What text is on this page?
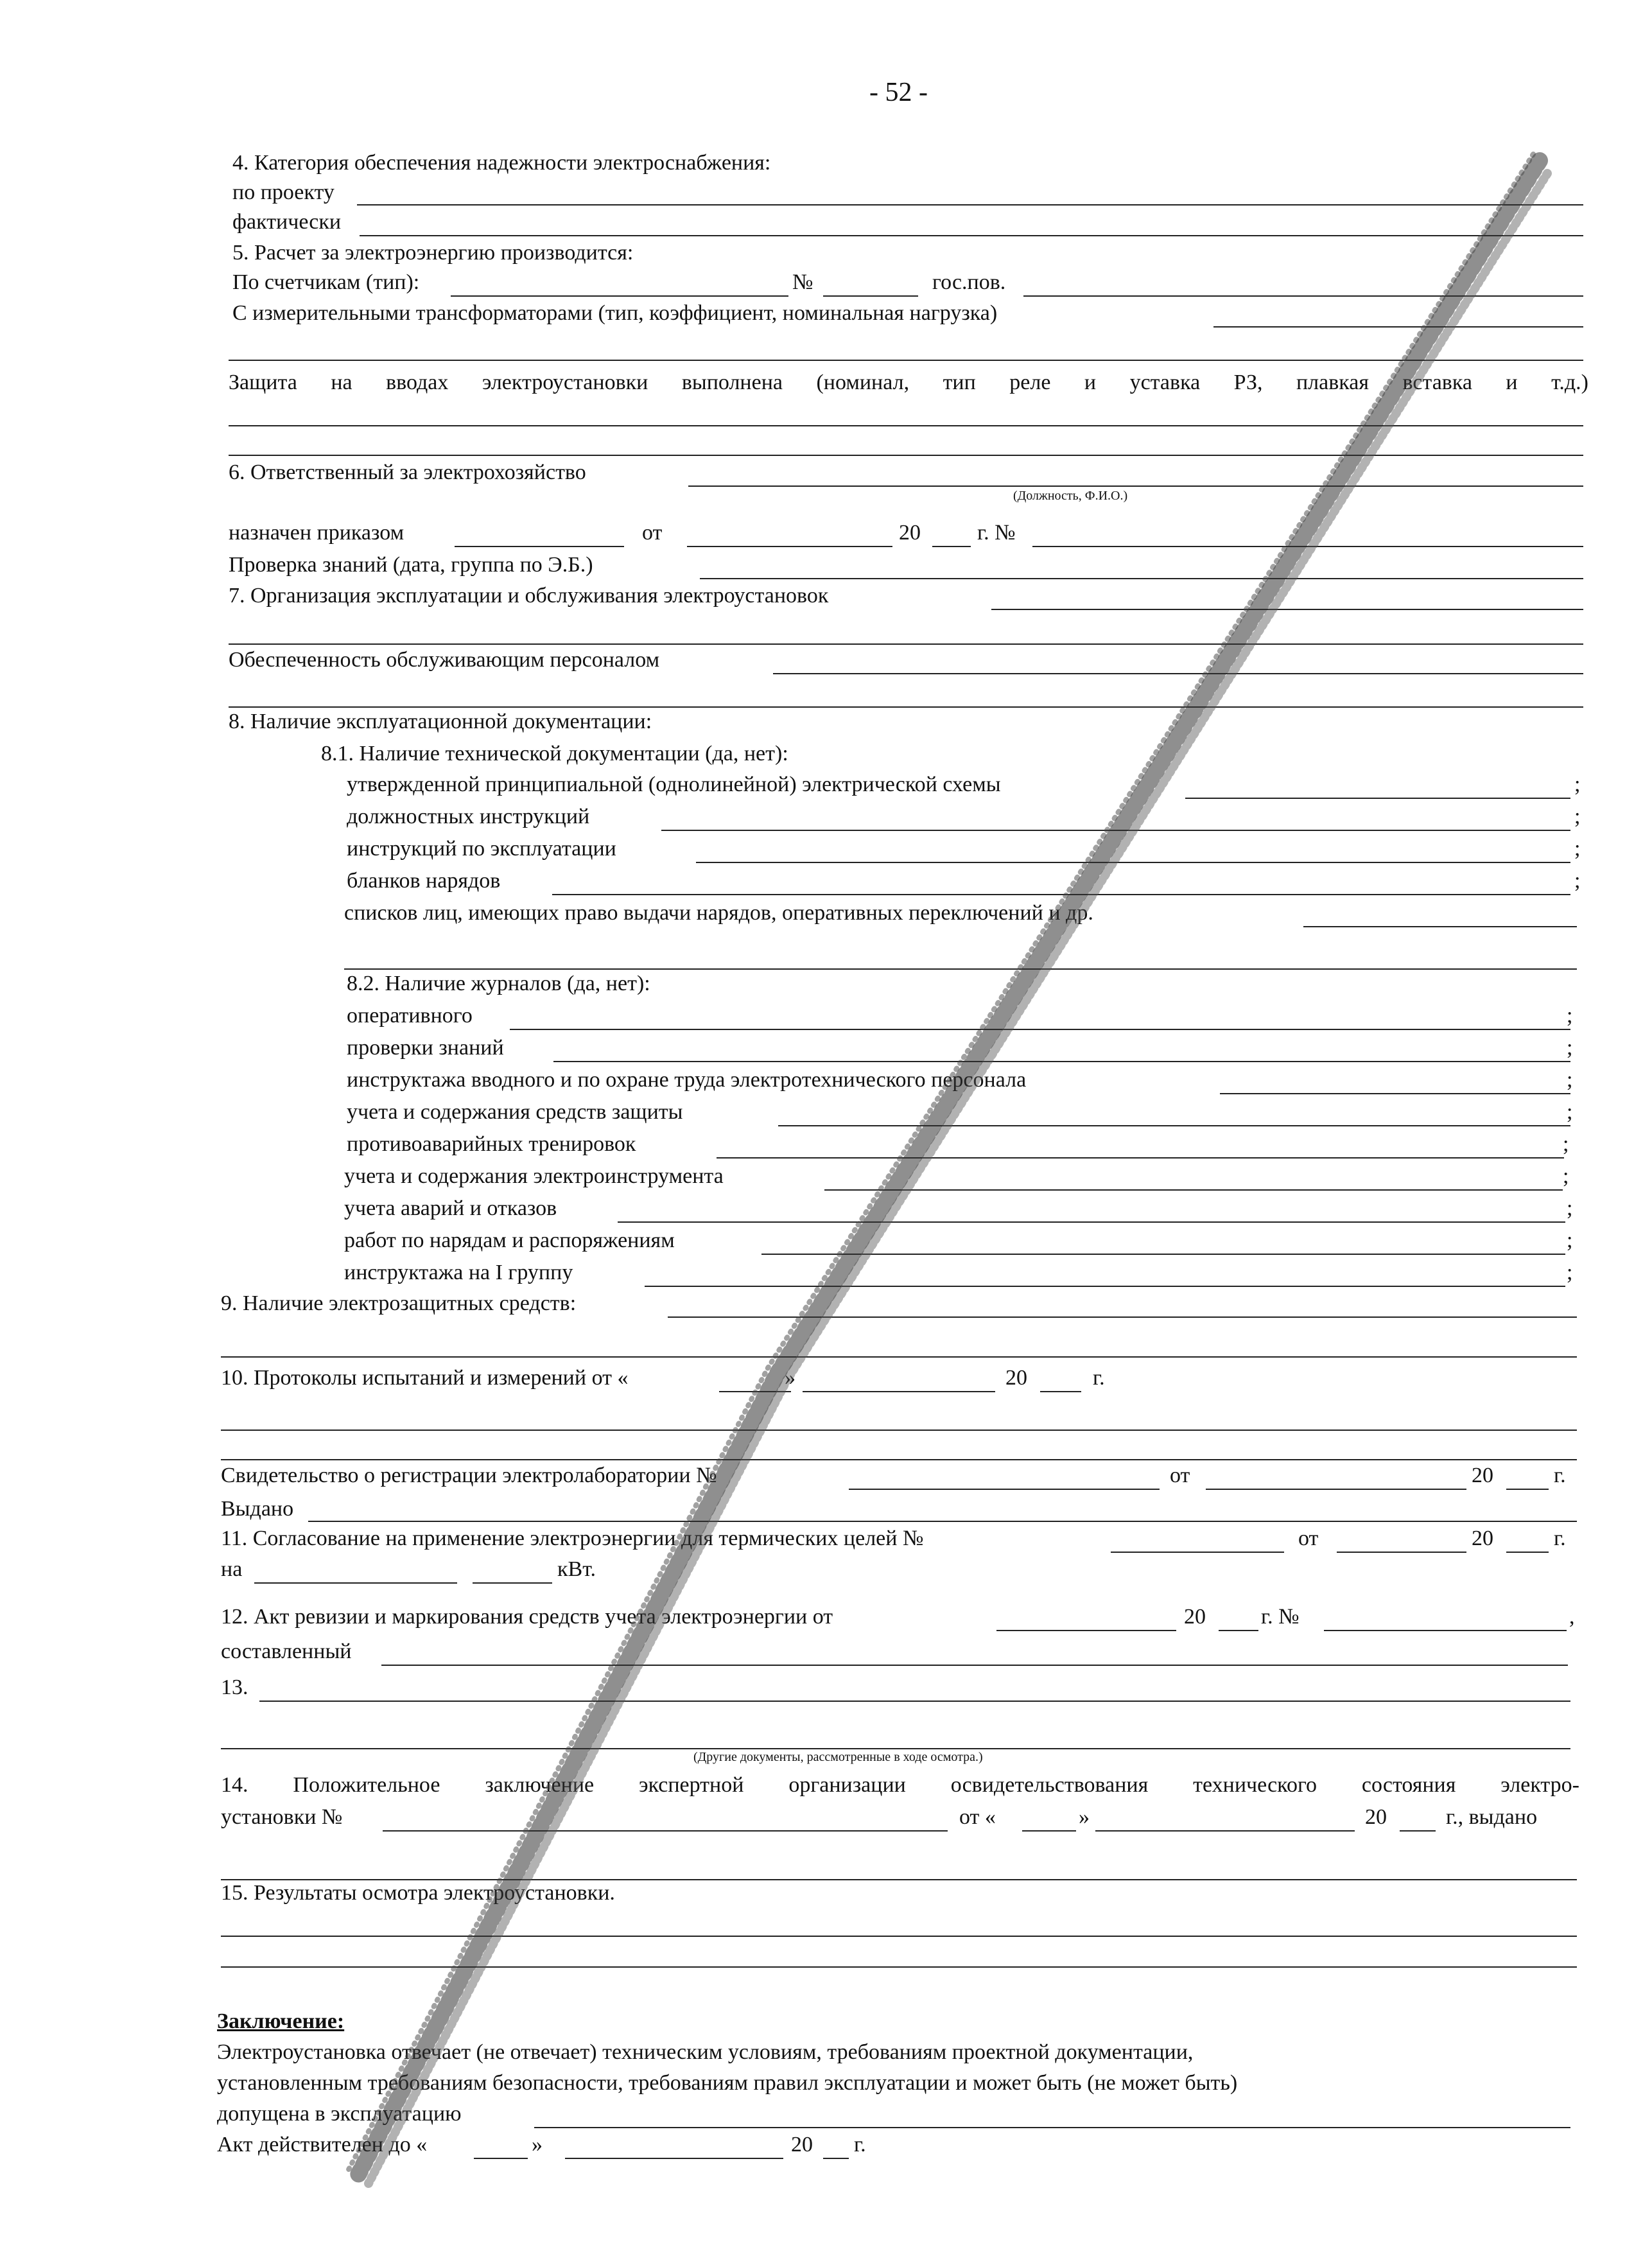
- 52 -
4. Категория обеспечения надежности электроснабжения:
по проекту
фактически
5. Расчет за электроэнергию производится:
По счетчикам (тип):	№	гос.пов.
С измерительными трансформаторами (тип, коэффициент, номинальная нагрузка)
Защита на вводах электроустановки выполнена (номинал, тип реле и уставка РЗ, плавкая вставка и т.д.)
6. Ответственный за электрохозяйство
(Должность, Ф.И.О.)
назначен приказом	от	20	г. №
Проверка знаний (дата, группа по Э.Б.)
7. Организация эксплуатации и обслуживания электроустановок
Обеспеченность обслуживающим персоналом
8. Наличие эксплуатационной документации:
8.1. Наличие технической документации (да, нет):
утвержденной принципиальной (однолинейной) электрической схемы	;
должностных инструкций	;
инструкций по эксплуатации	;
бланков нарядов	;
списков лиц, имеющих право выдачи нарядов, оперативных переключений и др.
8.2. Наличие журналов (да, нет):
оперативного	;
проверки знаний	;
инструктажа вводного и по охране труда электротехнического персонала	;
учета и содержания средств защиты	;
противоаварийных тренировок	;
учета и содержания электроинструмента	;
учета аварий и отказов	;
работ по нарядам и распоряжениям	;
инструктажа на I группу	;
9. Наличие электрозащитных средств:
10. Протоколы испытаний и измерений от «	»	20	г.
Свидетельство о регистрации электролаборатории №	от	20	г.
Выдано
11. Согласование на применение электроэнергии для термических целей №	от	20	г.
на	кВт.
12. Акт ревизии и маркирования средств учета электроэнергии от	20	г. №	,
составленный
13.
(Другие документы, рассмотренные в ходе осмотра.)
14. Положительное заключение экспертной организации освидетельствования технического состояния электро-
установки №	от «	»	20	г., выдано
15. Результаты осмотра электроустановки.
Заключение:
Электроустановка отвечает (не отвечает) техническим условиям, требованиям проектной документации,
установленным требованиям безопасности, требованиям правил эксплуатации и может быть (не может быть)
допущена в эксплуатацию
Акт действителен до «	»	20 г.
